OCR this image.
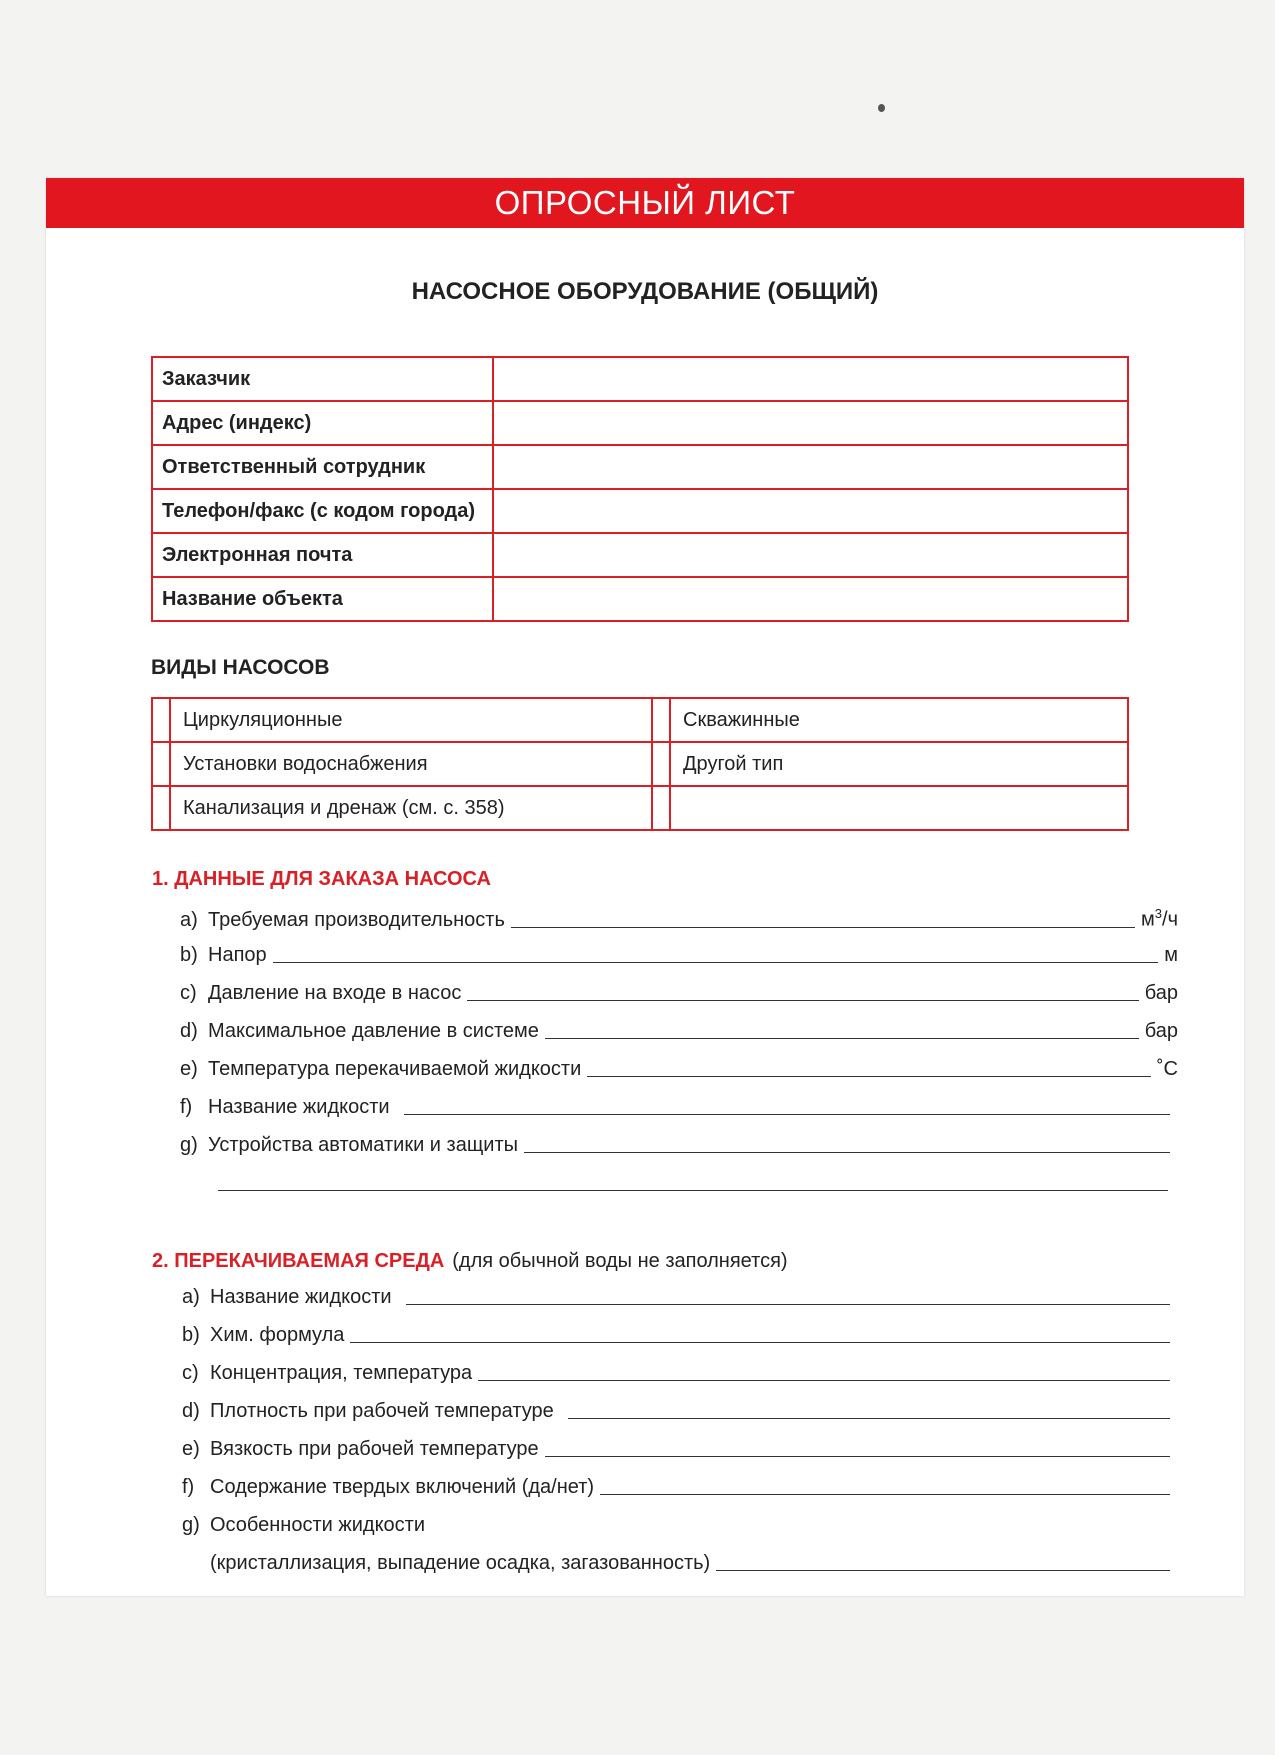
ОПРОСНЫЙ ЛИСТ
НАСОСНОЕ ОБОРУДОВАНИЕ (ОБЩИЙ)
Заказчик	
Адрес (индекс)	
Ответственный сотрудник	
Телефон/факс (с кодом города)	
Электронная почта	
Название объекта	
ВИДЫ НАСОСОВ
	Циркуляционные		Скважинные
	Установки водоснабжения		Другой тип
	Канализация и дренаж (см. с. 358)		
1. ДАННЫЕ ДЛЯ ЗАКАЗА НАСОСА
a) Требуемая производительность	$м^3/ч$
b) Напор	м
c) Давление на входе в насос	бар
d) Максимальное давление в системе	бар
e) Температура перекачиваемой жидкости	˚С
f) Название жидкости
g) Устройства автоматики и защиты
2. ПЕРЕКАЧИВАЕМАЯ СРЕДА (для обычной воды не заполняется)
a) Название жидкости
b) Хим. формула
c) Концентрация, температура
d) Плотность при рабочей температуре
e) Вязкость при рабочей температуре
f) Содержание твердых включений (да/нет)
g) Особенности жидкости
(кристаллизация, выпадение осадка, загазованность)
